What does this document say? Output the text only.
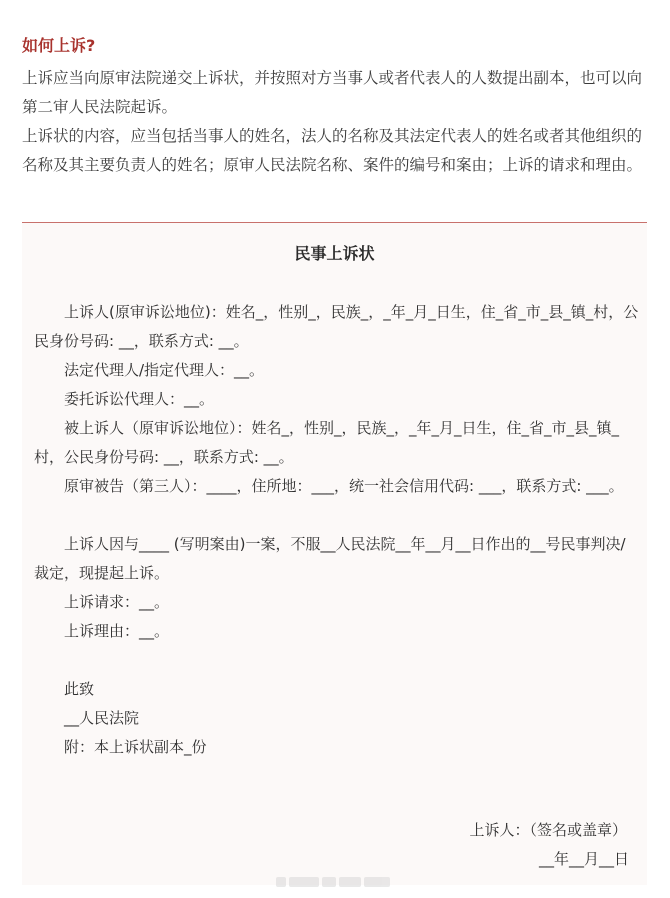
如何上诉?

上诉应当向原审法院递交上诉状，并按照对方当事人或者代表人的人数提出副本，也可以向第二审人民法院起诉。

上诉状的内容，应当包括当事人的姓名，法人的名称及其法定代表人的姓名或者其他组织的名称及其主要负责人的姓名；原审人民法院名称、案件的编号和案由；上诉的请求和理由。

民事上诉状

上诉人(原审诉讼地位)：姓名_，性别_，民族_，_年_月_日生，住_省_市_县_镇_村，公民身份号码: __，联系方式: __。

法定代理人/指定代理人：__。

委托诉讼代理人：__。

被上诉人（原审诉讼地位）：姓名_，性别_，民族_，_年_月_日生，住_省_市_县_镇_村，公民身份号码: __，联系方式: __。

原审被告（第三人）：____，住所地：___，统一社会信用代码: ___，联系方式: ___。

上诉人因与____ (写明案由)一案，不服__人民法院__年__月__日作出的__号民事判决/裁定，现提起上诉。

上诉请求：__。

上诉理由：__。

此致

__人民法院

附：本上诉状副本_份

上诉人：（签名或盖章）

__年__月__日
